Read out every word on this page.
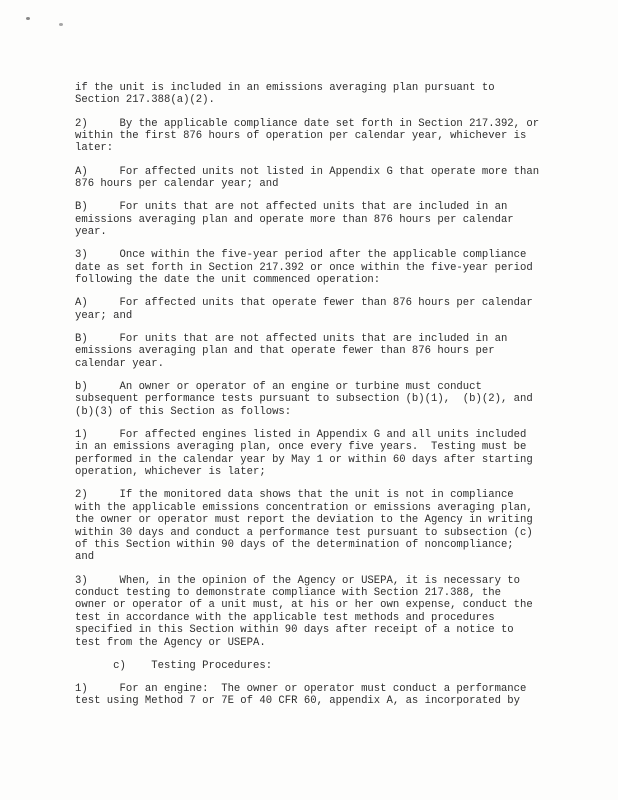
if the unit is included in an emissions averaging plan pursuant to
Section 217.388(a)(2).

2)     By the applicable compliance date set forth in Section 217.392, or
within the first 876 hours of operation per calendar year, whichever is
later:

A)     For affected units not listed in Appendix G that operate more than
876 hours per calendar year; and

B)     For units that are not affected units that are included in an
emissions averaging plan and operate more than 876 hours per calendar
year.

3)     Once within the five-year period after the applicable compliance
date as set forth in Section 217.392 or once within the five-year period
following the date the unit commenced operation:

A)     For affected units that operate fewer than 876 hours per calendar
year; and

B)     For units that are not affected units that are included in an
emissions averaging plan and that operate fewer than 876 hours per
calendar year.

b)     An owner or operator of an engine or turbine must conduct
subsequent performance tests pursuant to subsection (b)(1),  (b)(2), and
(b)(3) of this Section as follows:

1)     For affected engines listed in Appendix G and all units included
in an emissions averaging plan, once every five years.  Testing must be
performed in the calendar year by May 1 or within 60 days after starting
operation, whichever is later;

2)     If the monitored data shows that the unit is not in compliance
with the applicable emissions concentration or emissions averaging plan,
the owner or operator must report the deviation to the Agency in writing
within 30 days and conduct a performance test pursuant to subsection (c)
of this Section within 90 days of the determination of noncompliance;
and

3)     When, in the opinion of the Agency or USEPA, it is necessary to
conduct testing to demonstrate compliance with Section 217.388, the
owner or operator of a unit must, at his or her own expense, conduct the
test in accordance with the applicable test methods and procedures
specified in this Section within 90 days after receipt of a notice to
test from the Agency or USEPA.

c)    Testing Procedures:

1)     For an engine:  The owner or operator must conduct a performance
test using Method 7 or 7E of 40 CFR 60, appendix A, as incorporated by
